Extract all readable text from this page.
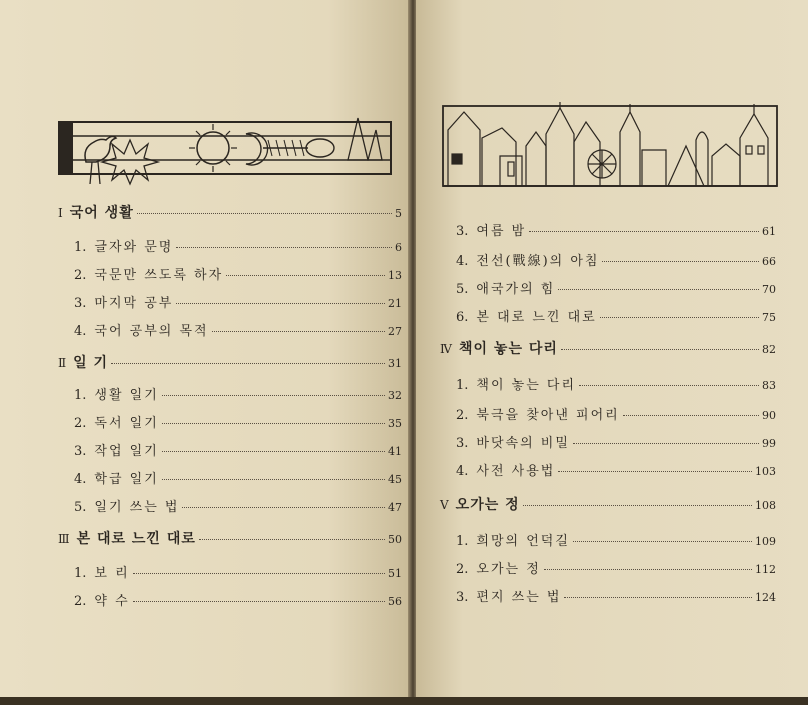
Ⅰ 국어 생활	5
1. 글자와 문명	6
2. 국문만 쓰도록 하자	13
3. 마지막 공부	21
4. 국어 공부의 목적	27
Ⅱ 일 기	31
1. 생활 일기	32
2. 독서 일기	35
3. 작업 일기	41
4. 학급 일기	45
5. 일기 쓰는 법	47
Ⅲ 본 대로 느낀 대로	50
1. 보 리	51
2. 약 수	56
3. 여름 밤	61
4. 전선(戰線)의 아침	66
5. 애국가의 힘	70
6. 본 대로 느낀 대로	75
Ⅳ 책이 놓는 다리	82
1. 책이 놓는 다리	83
2. 북극을 찾아낸 피어리	90
3. 바닷속의 비밀	99
4. 사전 사용법	103
Ⅴ 오가는 정	108
1. 희망의 언덕길	109
2. 오가는 정	112
3. 편지 쓰는 법	124
